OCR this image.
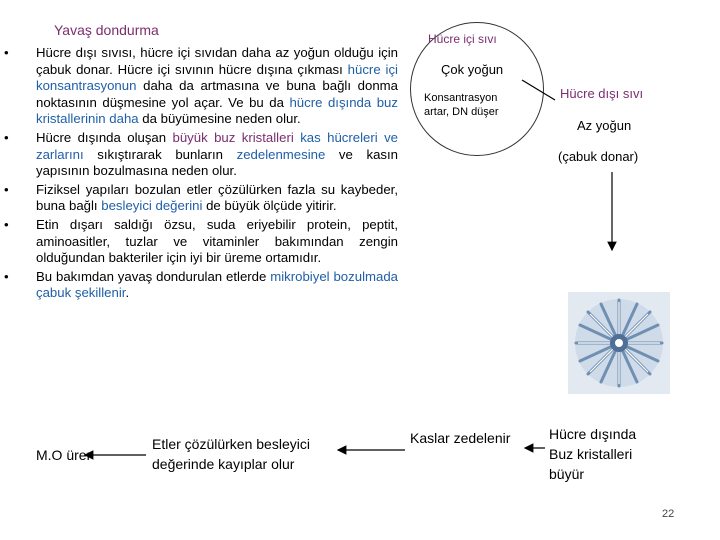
Yavaş dondurma
• Hücre dışı sıvısı, hücre içi sıvıdan daha az yoğun olduğu için çabuk donar. Hücre içi sıvının hücre dışına çıkması hücre içi konsantrasyonun daha da artmasına ve buna bağlı donma noktasının düşmesine yol açar. Ve bu da hücre dışında buz kristallerinin daha da büyümesine neden olur.
• Hücre dışında oluşan büyük buz kristalleri kas hücreleri ve zarlarını sıkıştırarak bunların zedelenmesine ve kasın yapısının bozulmasına neden olur.
• Fiziksel yapıları bozulan etler çözülürken fazla su kaybeder, buna bağlı besleyici değerini de büyük ölçüde yitirir.
• Etin dışarı saldığı özsu, suda eriyebilir protein, peptit, aminoasitler, tuzlar ve vitaminler bakımından zengin olduğundan bakteriler için iyi bir üreme ortamıdır.
• Bu bakımdan yavaş dondurulan etlerde mikrobiyel bozulmada çabuk şekillenir.
Hücre içi sıvı
Çok yoğun
Konsantrasyon
artar, DN düşer
Hücre dışı sıvı
Az yoğun
(çabuk donar)
M.O ürer
Etler çözülürken besleyici
değerinde kayıplar olur
Kaslar zedelenir	Hücre dışında
Buz kristalleri
büyür
22
